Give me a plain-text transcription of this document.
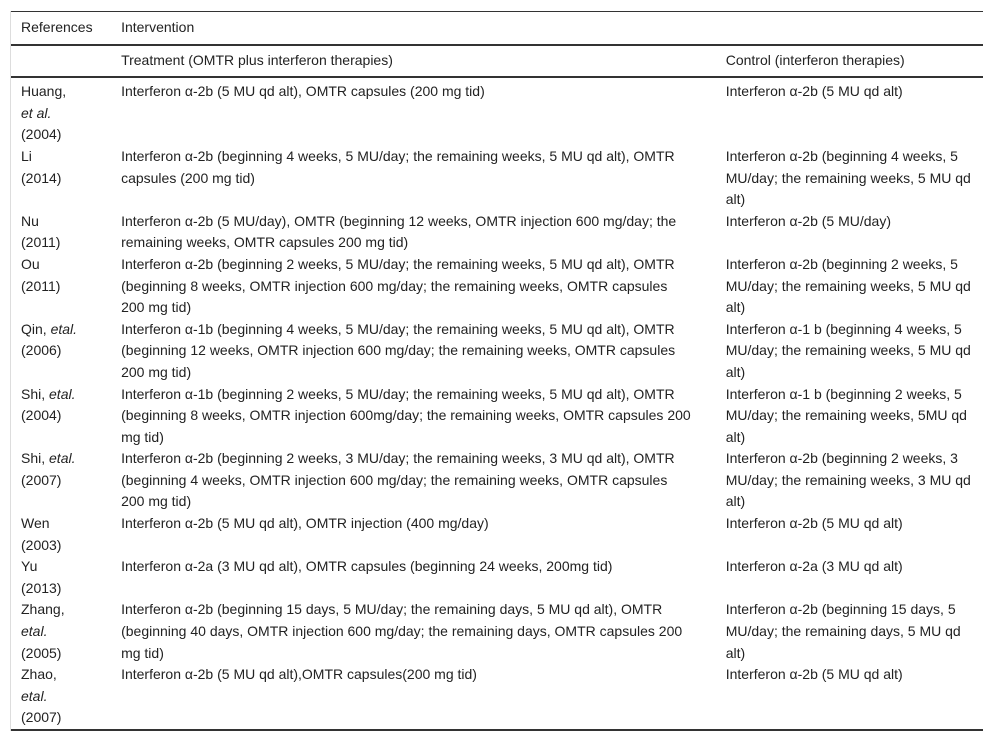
References	Intervention	
	Treatment (OMTR plus interferon therapies)	Control (interferon therapies)
Huang,
et al.
(2004)	Interferon α-2b (5 MU qd alt), OMTR capsules (200 mg tid)	Interferon α-2b (5 MU qd alt)
Li
(2014)	Interferon α-2b (beginning 4 weeks, 5 MU/day; the remaining weeks, 5 MU qd alt), OMTR capsules (200 mg tid)	Interferon α-2b (beginning 4 weeks, 5 MU/day; the remaining weeks, 5 MU qd alt)
Nu
(2011)	Interferon α-2b (5 MU/day), OMTR (beginning 12 weeks, OMTR injection 600 mg/day; the remaining weeks, OMTR capsules 200 mg tid)	Interferon α-2b (5 MU/day)
Ou
(2011)	Interferon α-2b (beginning 2 weeks, 5 MU/day; the remaining weeks, 5 MU qd alt), OMTR (beginning 8 weeks, OMTR injection 600 mg/day; the remaining weeks, OMTR capsules 200 mg tid)	Interferon α-2b (beginning 2 weeks, 5 MU/day; the remaining weeks, 5 MU qd alt)
Qin, etal.
(2006)	Interferon α-1b (beginning 4 weeks, 5 MU/day; the remaining weeks, 5 MU qd alt), OMTR (beginning 12 weeks, OMTR injection 600 mg/day; the remaining weeks, OMTR capsules 200 mg tid)	Interferon α-1 b (beginning 4 weeks, 5 MU/day; the remaining weeks, 5 MU qd alt)
Shi, etal.
(2004)	Interferon α-1b (beginning 2 weeks, 5 MU/day; the remaining weeks, 5 MU qd alt), OMTR (beginning 8 weeks, OMTR injection 600mg/day; the remaining weeks, OMTR capsules 200 mg tid)	Interferon α-1 b (beginning 2 weeks, 5 MU/day; the remaining weeks, 5MU qd alt)
Shi, etal.
(2007)	Interferon α-2b (beginning 2 weeks, 3 MU/day; the remaining weeks, 3 MU qd alt), OMTR (beginning 4 weeks, OMTR injection 600 mg/day; the remaining weeks, OMTR capsules 200 mg tid)	Interferon α-2b (beginning 2 weeks, 3 MU/day; the remaining weeks, 3 MU qd alt)
Wen
(2003)	Interferon α-2b (5 MU qd alt), OMTR injection (400 mg/day)	Interferon α-2b (5 MU qd alt)
Yu
(2013)	Interferon α-2a (3 MU qd alt), OMTR capsules (beginning 24 weeks, 200mg tid)	Interferon α-2a (3 MU qd alt)
Zhang,
etal.
(2005)	Interferon α-2b (beginning 15 days, 5 MU/day; the remaining days, 5 MU qd alt), OMTR (beginning 40 days, OMTR injection 600 mg/day; the remaining days, OMTR capsules 200 mg tid)	Interferon α-2b (beginning 15 days, 5 MU/day; the remaining days, 5 MU qd alt)
Zhao,
etal.
(2007)	Interferon α-2b (5 MU qd alt),OMTR capsules(200 mg tid)	Interferon α-2b (5 MU qd alt)
